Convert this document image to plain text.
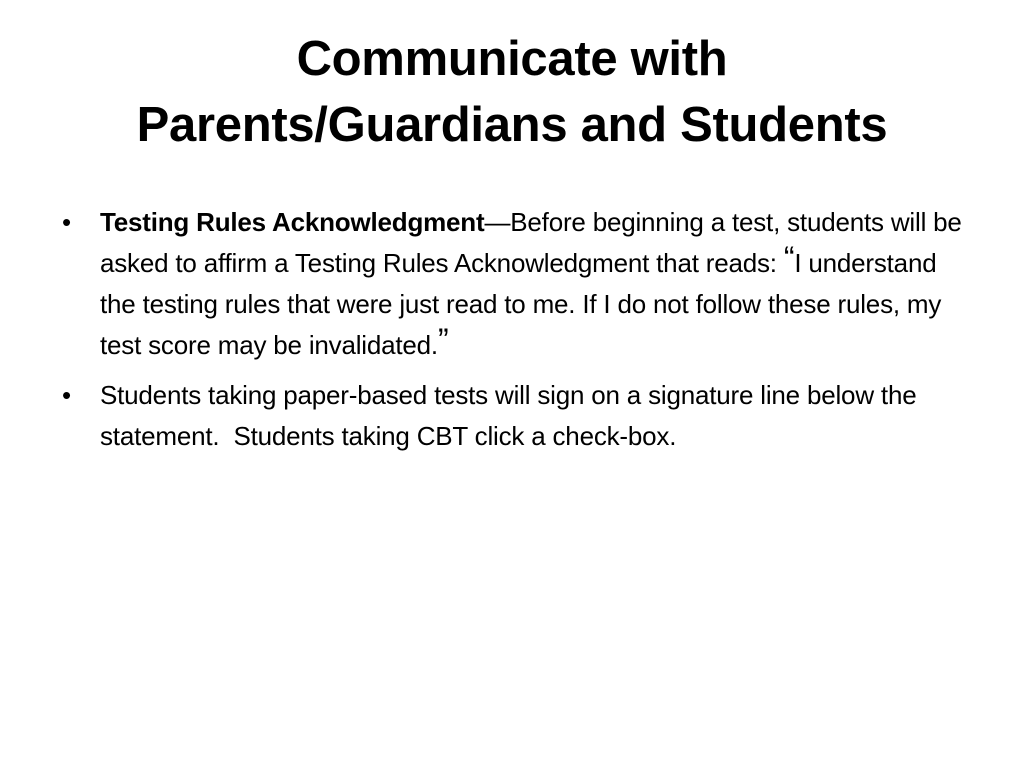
Communicate with
Parents/Guardians and Students
•	Testing Rules Acknowledgment—Before beginning a test, students will be asked to affirm a Testing Rules Acknowledgment that reads: “I understand the testing rules that were just read to me. If I do not follow these rules, my test score may be invalidated.”
•	Students taking paper-based tests will sign on a signature line below the statement.  Students taking CBT click a check-box.
